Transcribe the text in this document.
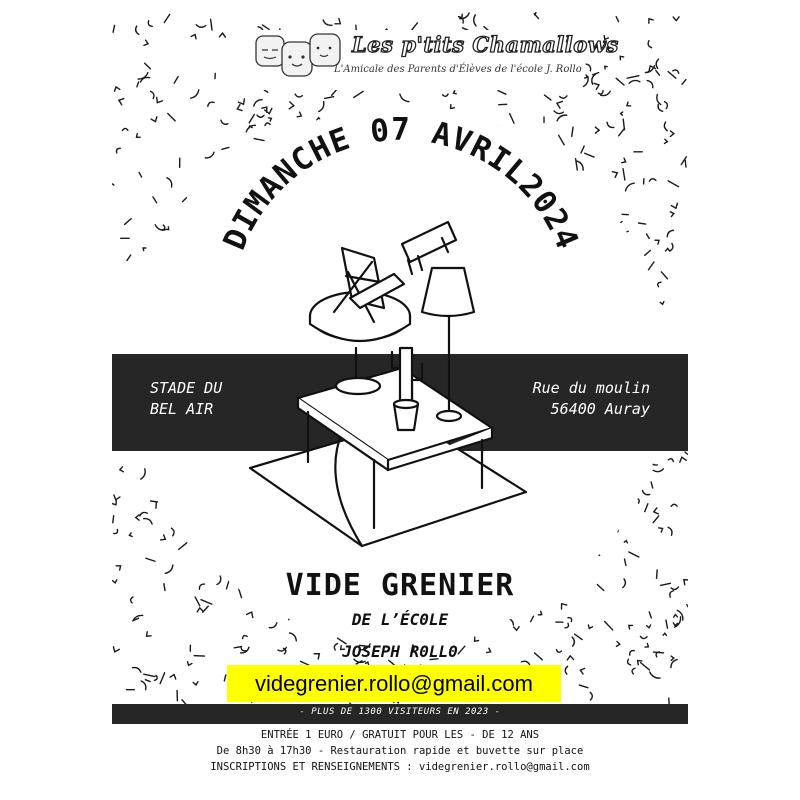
Les p'tits Chamallows
L'Amicale des Parents d'Élèves de l'école J. Rollo
DIMANCHE 07 AVRIL2024
STADE DU
BEL AIR
Rue du moulin
56400 Auray
VIDE GRENIER
DE L’ÉC0LE
JOSEPH R0LL0
videgrenier.rollo@gmail.com
- PLUS DE 1300 VISITEURS EN 2023 -
ENTRÉE 1 EURO / GRATUIT POUR LES - DE 12 ANS
De 8h30 à 17h30 - Restauration rapide et buvette sur place
INSCRIPTIONS ET RENSEIGNEMENTS : videgrenier.rollo@gmail.com
